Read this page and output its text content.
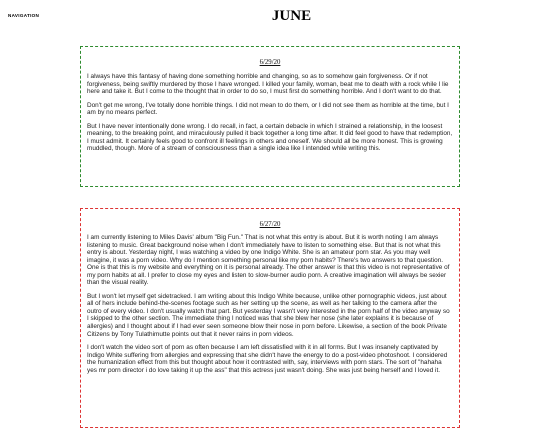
NAVIGATION	JUNE
6/29/20

I always have this fantasy of having done something horrible and changing, so as to somehow gain forgiveness. Or if not forgiveness, being swiftly murdered by those I have wronged. I killed your family, woman, beat me to death with a rock while I lie here and take it. But I come to the thought that in order to do so, I must first do something horrible. And I don't want to do that.

Don't get me wrong, I've totally done horrible things. I did not mean to do them, or I did not see them as horrible at the time, but I am by no means perfect.

But I have never intentionally done wrong. I do recall, in fact, a certain debacle in which I strained a relationship, in the loosest meaning, to the breaking point, and miraculously pulled it back together a long time after. It did feel good to have that redemption, I must admit. It certainly feels good to confront ill feelings in others and oneself. We should all be more honest. This is growing muddled, though. More of a stream of consciousness than a single idea like I intended while writing this.

6/27/20

I am currently listening to Miles Davis' album "Big Fun." That is not what this entry is about. But it is worth noting I am always listening to music. Great background noise when I don't immediately have to listen to something else. But that is not what this entry is about. Yesterday night, I was watching a video by one Indigo White. She is an amateur porn star. As you may well imagine, it was a porn video. Why do I mention something personal like my porn habits? There's two answers to that question. One is that this is my website and everything on it is personal already. The other answer is that this video is not representative of my porn habits at all. I prefer to close my eyes and listen to slow-burner audio porn. A creative imagination will always be sexier than the visual reality.

But I won't let myself get sidetracked. I am writing about this Indigo White because, unlike other pornographic videos, just about all of hers include behind-the-scenes footage such as her setting up the scene, as well as her talking to the camera after the outro of every video. I don't usually watch that part. But yesterday I wasn't very interested in the porn half of the video anyway so I skipped to the other section. The immediate thing I noticed was that she blew her nose (she later explains it is because of allergies) and I thought about if I had ever seen someone blow their nose in porn before. Likewise, a section of the book Private Citizens by Tony Tulathimutte points out that it never rains in porn videos.

I don't watch the video sort of porn as often because I am left dissatisfied with it in all forms. But I was insanely captivated by Indigo White suffering from allergies and expressing that she didn't have the energy to do a post-video photoshoot. I considered the humanization effect from this but thought about how it contrasted with, say, interviews with porn stars. The sort of "hahaha yes mr porn director i do love taking it up the ass" that this actress just wasn't doing. She was just being herself and I loved it.
